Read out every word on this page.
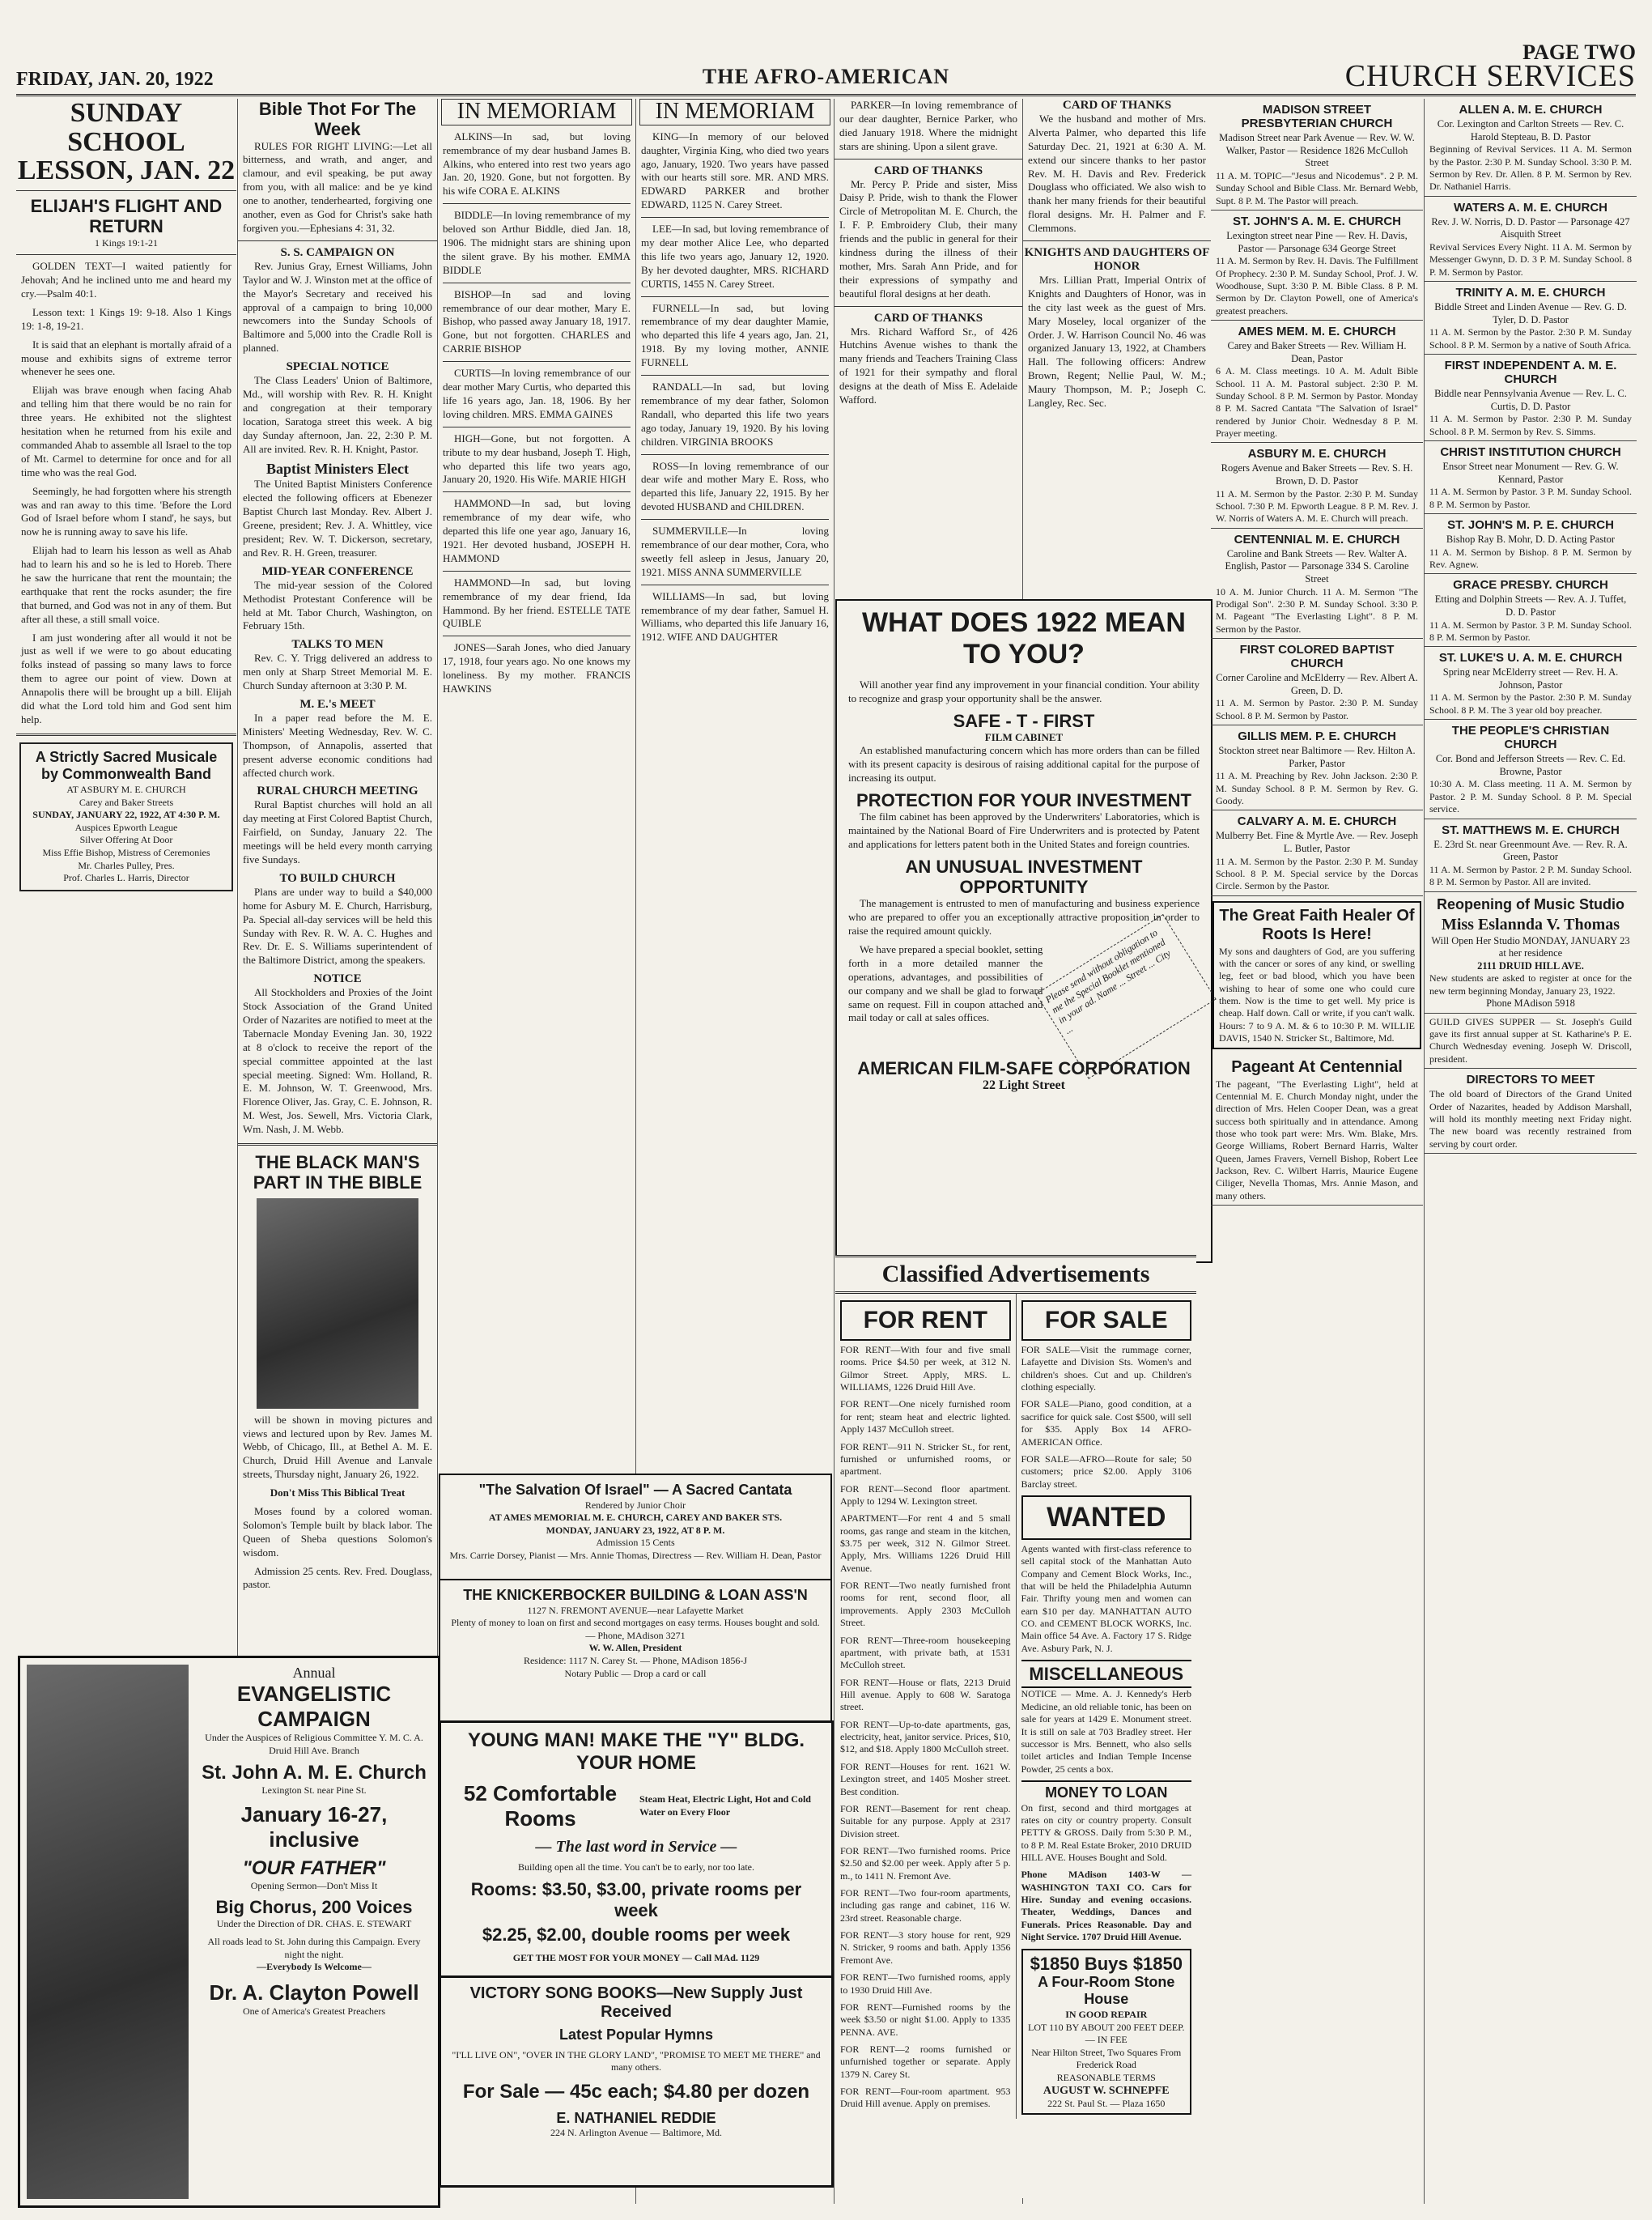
PAGE TWO
FRIDAY, JAN. 20, 1922	THE AFRO-AMERICAN	CHURCH SERVICES
SUNDAY SCHOOL LESSON, JAN. 22
ELIJAH'S FLIGHT AND RETURN
1 Kings 19:1-21

GOLDEN TEXT—I waited patiently for Jehovah; And he inclined unto me and heard my cry.—Psalm 40:1.

Lesson text: 1 Kings 19: 9-18. Also 1 Kings 19: 1-8, 19-21.

It is said that an elephant is mortally afraid of a mouse and exhibits signs of extreme terror whenever he sees one.

Elijah was brave enough when facing Ahab and telling him that there would be no rain for three years. He exhibited not the slightest hesitation when he returned from his exile and commanded Ahab to assemble all Israel to the top of Mt. Carmel to determine for once and for all time who was the real God.

Seemingly, he had forgotten where his strength was and ran away to this time. 'Before the Lord God of Israel before whom I stand', he says, but now he is running away to save his life.

Elijah had to learn his lesson as well as Ahab had to learn his and so he is led to Horeb. There he saw the hurricane that rent the mountain; the earthquake that rent the rocks asunder; the fire that burned, and God was not in any of them. But after all these, a still small voice.

I am just wondering after all would it not be just as well if we were to go about educating folks instead of passing so many laws to force them to agree our point of view. Down at Annapolis there will be brought up a bill. Elijah did what the Lord told him and God sent him help.

A Strictly Sacred Musicale by Commonwealth Band
AT ASBURY M. E. CHURCH
Carey and Baker Streets
SUNDAY, JANUARY 22, 1922, AT 4:30 P. M.
Auspices Epworth League
Silver Offering At Door
Miss Effie Bishop, Mistress of Ceremonies
Mr. Charles Pulley, Pres.
Prof. Charles L. Harris, Director
Bible Thot For The Week

RULES FOR RIGHT LIVING:—Let all bitterness, and wrath, and anger, and clamour, and evil speaking, be put away from you, with all malice: and be ye kind one to another, tenderhearted, forgiving one another, even as God for Christ's sake hath forgiven you.—Ephesians 4: 31, 32.

S. S. CAMPAIGN ON

Rev. Junius Gray, Ernest Williams, John Taylor and W. J. Winston met at the office of the Mayor's Secretary and received his approval of a campaign to bring 10,000 newcomers into the Sunday Schools of Baltimore and 5,000 into the Cradle Roll is planned.

SPECIAL NOTICE

The Class Leaders' Union of Baltimore, Md., will worship with Rev. R. H. Knight and congregation at their temporary location, Saratoga street this week. A big day Sunday afternoon, Jan. 22, 2:30 P. M. All are invited. Rev. R. H. Knight, Pastor.

Baptist Ministers Elect

The United Baptist Ministers Conference elected the following officers at Ebenezer Baptist Church last Monday. Rev. Albert J. Greene, president; Rev. J. A. Whittley, vice president; Rev. W. T. Dickerson, secretary, and Rev. R. H. Green, treasurer.

MID-YEAR CONFERENCE

The mid-year session of the Colored Methodist Protestant Conference will be held at Mt. Tabor Church, Washington, on February 15th.

TALKS TO MEN

Rev. C. Y. Trigg delivered an address to men only at Sharp Street Memorial M. E. Church Sunday afternoon at 3:30 P. M.

M. E.'s MEET

In a paper read before the M. E. Ministers' Meeting Wednesday, Rev. W. C. Thompson, of Annapolis, asserted that present adverse economic conditions had affected church work.

RURAL CHURCH MEETING

Rural Baptist churches will hold an all day meeting at First Colored Baptist Church, Fairfield, on Sunday, January 22. The meetings will be held every month carrying five Sundays.

TO BUILD CHURCH

Plans are under way to build a $40,000 home for Asbury M. E. Church, Harrisburg, Pa. Special all-day services will be held this Sunday with Rev. R. W. A. C. Hughes and Rev. Dr. E. S. Williams superintendent of the Baltimore District, among the speakers.

NOTICE

All Stockholders and Proxies of the Joint Stock Association of the Grand United Order of Nazarites are notified to meet at the Tabernacle Monday Evening Jan. 30, 1922 at 8 o'clock to receive the report of the special committee appointed at the last special meeting. Signed: Wm. Holland, R. E. M. Johnson, W. T. Greenwood, Mrs. Florence Oliver, Jas. Gray, C. E. Johnson, R. M. West, Jos. Sewell, Mrs. Victoria Clark, Wm. Nash, J. M. Webb.

THE BLACK MAN'S PART IN THE BIBLE

will be shown in moving pictures and views and lectured upon by Rev. James M. Webb, of Chicago, Ill., at Bethel A. M. E. Church, Druid Hill Avenue and Lanvale streets, Thursday night, January 26, 1922.

Don't Miss This Biblical Treat

Moses found by a colored woman. Solomon's Temple built by black labor. The Queen of Sheba questions Solomon's wisdom.

Admission 25 cents. Rev. Fred. Douglass, pastor.

IN MEMORIAM

ALKINS—In sad, but loving remembrance of my dear husband James B. Alkins, who entered into rest two years ago Jan. 20, 1920. Gone, but not forgotten. By his wife CORA E. ALKINS

BIDDLE—In loving remembrance of my beloved son Arthur Biddle, died Jan. 18, 1906. The midnight stars are shining upon the silent grave. By his mother. EMMA BIDDLE

BISHOP—In sad and loving remembrance of our dear mother, Mary E. Bishop, who passed away January 18, 1917. Gone, but not forgotten. CHARLES and CARRIE BISHOP

CURTIS—In loving remembrance of our dear mother Mary Curtis, who departed this life 16 years ago, Jan. 18, 1906. By her loving children. MRS. EMMA GAINES

HIGH—Gone, but not forgotten. A tribute to my dear husband, Joseph T. High, who departed this life two years ago, January 20, 1920. His Wife. MARIE HIGH

HAMMOND—In sad, but loving remembrance of my dear wife, who departed this life one year ago, January 16, 1921. Her devoted husband, JOSEPH H. HAMMOND

HAMMOND—In sad, but loving remembrance of my dear friend, Ida Hammond. By her friend. ESTELLE TATE QUIBLE

JONES—Sarah Jones, who died January 17, 1918, four years ago. No one knows my loneliness. By my mother. FRANCIS HAWKINS

IN MEMORIAM

KING—In memory of our beloved daughter, Virginia King, who died two years ago, January, 1920. Two years have passed with our hearts still sore. MR. AND MRS. EDWARD PARKER and brother EDWARD, 1125 N. Carey Street.

LEE—In sad, but loving remembrance of my dear mother Alice Lee, who departed this life two years ago, January 12, 1920. By her devoted daughter, MRS. RICHARD CURTIS, 1455 N. Carey Street.

FURNELL—In sad, but loving remembrance of my dear daughter Mamie, who departed this life 4 years ago, Jan. 21, 1918. By my loving mother, ANNIE FURNELL

RANDALL—In sad, but loving remembrance of my dear father, Solomon Randall, who departed this life two years ago today, January 19, 1920. By his loving children. VIRGINIA BROOKS

ROSS—In loving remembrance of our dear wife and mother Mary E. Ross, who departed this life, January 22, 1915. By her devoted HUSBAND and CHILDREN.

SUMMERVILLE—In loving remembrance of our dear mother, Cora, who sweetly fell asleep in Jesus, January 20, 1921. MISS ANNA SUMMERVILLE

WILLIAMS—In sad, but loving remembrance of my dear father, Samuel H. Williams, who departed this life January 16, 1912. WIFE AND DAUGHTER

PARKER—In loving remembrance of our dear daughter, Bernice Parker, who died January 1918. Where the midnight stars are shining. Upon a silent grave.

CARD OF THANKS

Mr. Percy P. Pride and sister, Miss Daisy P. Pride, wish to thank the Flower Circle of Metropolitan M. E. Church, the I. F. P. Embroidery Club, their many friends and the public in general for their kindness during the illness of their mother, Mrs. Sarah Ann Pride, and for their expressions of sympathy and beautiful floral designs at her death.

CARD OF THANKS

Mrs. Richard Wafford Sr., of 426 Hutchins Avenue wishes to thank the many friends and Teachers Training Class of 1921 for their sympathy and floral designs at the death of Miss E. Adelaide Wafford.

CARD OF THANKS

We the husband and mother of Mrs. Alverta Palmer, who departed this life Saturday Dec. 21, 1921 at 6:30 A. M. extend our sincere thanks to her pastor Rev. M. H. Davis and Rev. Frederick Douglass who officiated. We also wish to thank her many friends for their beautiful floral designs. Mr. H. Palmer and F. Clemmons.

KNIGHTS AND DAUGHTERS OF HONOR

Mrs. Lillian Pratt, Imperial Ontrix of Knights and Daughters of Honor, was in the city last week as the guest of Mrs. Mary Moseley, local organizer of the Order. J. W. Harrison Council No. 46 was organized January 13, 1922, at Chambers Hall. The following officers: Andrew Brown, Regent; Nellie Paul, W. M.; Maury Thompson, M. P.; Joseph C. Langley, Rec. Sec.

WHAT DOES 1922 MEAN TO YOU?

Will another year find any improvement in your financial condition. Your ability to recognize and grasp your opportunity shall be the answer.

SAFE - T - FIRST
FILM CABINET

An established manufacturing concern which has more orders than can be filled with its present capacity is desirous of raising additional capital for the purpose of increasing its output.

PROTECTION FOR YOUR INVESTMENT

The film cabinet has been approved by the Underwriters' Laboratories, which is maintained by the National Board of Fire Underwriters and is protected by Patent and applications for letters patent both in the United States and foreign countries.

AN UNUSUAL INVESTMENT OPPORTUNITY

The management is entrusted to men of manufacturing and business experience who are prepared to offer you an exceptionally attractive proposition in order to raise the required amount quickly.

We have prepared a special booklet, setting forth in a more detailed manner the operations, advantages, and possibilities of our company and we shall be glad to forward same on request. Fill in coupon attached and mail today or call at sales offices.

Please send without obligation to me the Special Booklet mentioned in your ad. Name ... Street ... City ...
AMERICAN FILM-SAFE CORPORATION
22 Light Street
Classified Advertisements
FOR RENT
FOR RENT—With four and five small rooms. Price $4.50 per week, at 312 N. Gilmor Street. Apply, MRS. L. WILLIAMS, 1226 Druid Hill Ave.
FOR RENT—One nicely furnished room for rent; steam heat and electric lighted. Apply 1437 McCulloh street.
FOR RENT—911 N. Stricker St., for rent, furnished or unfurnished rooms, or apartment.
FOR RENT—Second floor apartment. Apply to 1294 W. Lexington street.
APARTMENT—For rent 4 and 5 small rooms, gas range and steam in the kitchen, $3.75 per week, 312 N. Gilmor Street. Apply, Mrs. Williams 1226 Druid Hill Avenue.
FOR RENT—Two neatly furnished front rooms for rent, second floor, all improvements. Apply 2303 McCulloh Street.
FOR RENT—Three-room housekeeping apartment, with private bath, at 1531 McCulloh street.
FOR RENT—House or flats, 2213 Druid Hill avenue. Apply to 608 W. Saratoga street.
FOR RENT—Up-to-date apartments, gas, electricity, heat, janitor service. Prices, $10, $12, and $18. Apply 1800 McCulloh street.
FOR RENT—Houses for rent. 1621 W. Lexington street, and 1405 Mosher street. Best condition.
FOR RENT—Basement for rent cheap. Suitable for any purpose. Apply at 2317 Division street.
FOR RENT—Two furnished rooms. Price $2.50 and $2.00 per week. Apply after 5 p. m., to 1411 N. Fremont Ave.
FOR RENT—Two four-room apartments, including gas range and cabinet, 116 W. 23rd street. Reasonable charge.
FOR RENT—3 story house for rent, 929 N. Stricker, 9 rooms and bath. Apply 1356 Fremont Ave.
FOR RENT—Two furnished rooms, apply to 1930 Druid Hill Ave.
FOR RENT—Furnished rooms by the week $3.50 or night $1.00. Apply to 1335 PENNA. AVE.
FOR RENT—2 rooms furnished or unfurnished together or separate. Apply 1379 N. Carey St.
FOR RENT—Four-room apartment. 953 Druid Hill avenue. Apply on premises.
FOR SALE
FOR SALE—Visit the rummage corner, Lafayette and Division Sts. Women's and children's shoes. Cut and up. Children's clothing especially.
FOR SALE—Piano, good condition, at a sacrifice for quick sale. Cost $500, will sell for $35. Apply Box 14 AFRO-AMERICAN Office.
FOR SALE—AFRO—Route for sale; 50 customers; price $2.00. Apply 3106 Barclay street.
WANTED
Agents wanted with first-class reference to sell capital stock of the Manhattan Auto Company and Cement Block Works, Inc., that will be held the Philadelphia Autumn Fair. Thrifty young men and women can earn $10 per day. MANHATTAN AUTO CO. and CEMENT BLOCK WORKS, Inc. Main office 54 Ave. A. Factory 17 S. Ridge Ave. Asbury Park, N. J.
MISCELLANEOUS
NOTICE — Mme. A. J. Kennedy's Herb Medicine, an old reliable tonic, has been on sale for years at 1429 E. Monument street. It is still on sale at 703 Bradley street. Her successor is Mrs. Bennett, who also sells toilet articles and Indian Temple Incense Powder, 25 cents a box.
MONEY TO LOAN
On first, second and third mortgages at rates on city or country property. Consult PETTY & GROSS. Daily from 5:30 P. M., to 8 P. M. Real Estate Broker, 2010 DRUID HILL AVE. Houses Bought and Sold.
Phone MAdison 1403-W — WASHINGTON TAXI CO. Cars for Hire. Sunday and evening occasions. Theater, Weddings, Dances and Funerals. Prices Reasonable. Day and Night Service. 1707 Druid Hill Avenue.
$1850 Buys $1850
A Four-Room Stone House
IN GOOD REPAIR
LOT 110 BY ABOUT 200 FEET DEEP. — IN FEE
Near Hilton Street, Two Squares From Frederick Road
REASONABLE TERMS
AUGUST W. SCHNEPFE
222 St. Paul St. — Plaza 1650
"The Salvation Of Israel" — A Sacred Cantata
Rendered by Junior Choir
AT AMES MEMORIAL M. E. CHURCH, CAREY AND BAKER STS.
MONDAY, JANUARY 23, 1922, AT 8 P. M.
Admission 15 Cents
Mrs. Carrie Dorsey, Pianist — Mrs. Annie Thomas, Directress — Rev. William H. Dean, Pastor
THE KNICKERBOCKER BUILDING & LOAN ASS'N
1127 N. FREMONT AVENUE—near Lafayette Market
Plenty of money to loan on first and second mortgages on easy terms. Houses bought and sold. — Phone, MAdison 3271
W. W. Allen, President
Residence: 1117 N. Carey St. — Phone, MAdison 1856-J
Notary Public — Drop a card or call
YOUNG MAN! MAKE THE "Y" BLDG. YOUR HOME
52 Comfortable Rooms
Steam Heat, Electric Light, Hot and Cold Water on Every Floor
— The last word in Service —
Building open all the time. You can't be to early, nor too late.
Rooms: $3.50, $3.00, private rooms per week
$2.25, $2.00, double rooms per week
GET THE MOST FOR YOUR MONEY — Call MAd. 1129
VICTORY SONG BOOKS—New Supply Just Received
Latest Popular Hymns
"I'LL LIVE ON", "OVER IN THE GLORY LAND", "PROMISE TO MEET ME THERE" and many others.
For Sale — 45c each; $4.80 per dozen
E. NATHANIEL REDDIE
224 N. Arlington Avenue — Baltimore, Md.
Annual
EVANGELISTIC CAMPAIGN
Under the Auspices of Religious Committee Y. M. C. A.
Druid Hill Ave. Branch
St. John A. M. E. Church
Lexington St. near Pine St.
January 16-27, inclusive
"OUR FATHER"
Opening Sermon—Don't Miss It
Big Chorus, 200 Voices
Under the Direction of DR. CHAS. E. STEWART
All roads lead to St. John during this Campaign. Every night the night.
—Everybody Is Welcome—
Dr. A. Clayton Powell
One of America's Greatest Preachers
MADISON STREET PRESBYTERIAN CHURCH
Madison Street near Park Avenue — Rev. W. W. Walker, Pastor — Residence 1826 McCulloh Street
11 A. M. TOPIC—"Jesus and Nicodemus". 2 P. M. Sunday School and Bible Class. Mr. Bernard Webb, Supt. 8 P. M. The Pastor will preach.
ST. JOHN'S A. M. E. CHURCH
Lexington street near Pine — Rev. H. Davis, Pastor — Parsonage 634 George Street
11 A. M. Sermon by Rev. H. Davis. The Fulfillment Of Prophecy. 2:30 P. M. Sunday School, Prof. J. W. Woodhouse, Supt. 3:30 P. M. Bible Class. 8 P. M. Sermon by Dr. Clayton Powell, one of America's greatest preachers.
AMES MEM. M. E. CHURCH
Carey and Baker Streets — Rev. William H. Dean, Pastor
6 A. M. Class meetings. 10 A. M. Adult Bible School. 11 A. M. Pastoral subject. 2:30 P. M. Sunday School. 8 P. M. Sermon by Pastor. Monday 8 P. M. Sacred Cantata "The Salvation of Israel" rendered by Junior Choir. Wednesday 8 P. M. Prayer meeting.
ASBURY M. E. CHURCH
Rogers Avenue and Baker Streets — Rev. S. H. Brown, D. D. Pastor
11 A. M. Sermon by the Pastor. 2:30 P. M. Sunday School. 7:30 P. M. Epworth League. 8 P. M. Rev. J. W. Norris of Waters A. M. E. Church will preach.
CENTENNIAL M. E. CHURCH
Caroline and Bank Streets — Rev. Walter A. English, Pastor — Parsonage 334 S. Caroline Street
10 A. M. Junior Church. 11 A. M. Sermon "The Prodigal Son". 2:30 P. M. Sunday School. 3:30 P. M. Pageant "The Everlasting Light". 8 P. M. Sermon by the Pastor.
FIRST COLORED BAPTIST CHURCH
Corner Caroline and McElderry — Rev. Albert A. Green, D. D.
11 A. M. Sermon by Pastor. 2:30 P. M. Sunday School. 8 P. M. Sermon by Pastor.
GILLIS MEM. P. E. CHURCH
Stockton street near Baltimore — Rev. Hilton A. Parker, Pastor
11 A. M. Preaching by Rev. John Jackson. 2:30 P. M. Sunday School. 8 P. M. Sermon by Rev. G. Goody.
CALVARY A. M. E. CHURCH
Mulberry Bet. Fine & Myrtle Ave. — Rev. Joseph L. Butler, Pastor
11 A. M. Sermon by the Pastor. 2:30 P. M. Sunday School. 8 P. M. Special service by the Dorcas Circle. Sermon by the Pastor.
The Great Faith Healer Of Roots Is Here!
My sons and daughters of God, are you suffering with the cancer or sores of any kind, or swelling leg, feet or bad blood, which you have been wishing to hear of some one who could cure them. Now is the time to get well. My price is cheap. Half down. Call or write, if you can't walk. Hours: 7 to 9 A. M. & 6 to 10:30 P. M. WILLIE DAVIS, 1540 N. Stricker St., Baltimore, Md.
Pageant At Centennial
The pageant, "The Everlasting Light", held at Centennial M. E. Church Monday night, under the direction of Mrs. Helen Cooper Dean, was a great success both spiritually and in attendance. Among those who took part were: Mrs. Wm. Blake, Mrs. George Williams, Robert Bernard Harris, Walter Queen, James Fravers, Vernell Bishop, Robert Lee Jackson, Rev. C. Wilbert Harris, Maurice Eugene Ciliger, Nevella Thomas, Mrs. Annie Mason, and many others.
ALLEN A. M. E. CHURCH
Cor. Lexington and Carlton Streets — Rev. C. Harold Stepteau, B. D. Pastor
Beginning of Revival Services. 11 A. M. Sermon by the Pastor. 2:30 P. M. Sunday School. 3:30 P. M. Sermon by Rev. Dr. Allen. 8 P. M. Sermon by Rev. Dr. Nathaniel Harris.
WATERS A. M. E. CHURCH
Rev. J. W. Norris, D. D. Pastor — Parsonage 427 Aisquith Street
Revival Services Every Night. 11 A. M. Sermon by Messenger Gwynn, D. D. 3 P. M. Sunday School. 8 P. M. Sermon by Pastor.
TRINITY A. M. E. CHURCH
Biddle Street and Linden Avenue — Rev. G. D. Tyler, D. D. Pastor
11 A. M. Sermon by the Pastor. 2:30 P. M. Sunday School. 8 P. M. Sermon by a native of South Africa.
FIRST INDEPENDENT A. M. E. CHURCH
Biddle near Pennsylvania Avenue — Rev. L. C. Curtis, D. D. Pastor
11 A. M. Sermon by Pastor. 2:30 P. M. Sunday School. 8 P. M. Sermon by Rev. S. Simms.
CHRIST INSTITUTION CHURCH
Ensor Street near Monument — Rev. G. W. Kennard, Pastor
11 A. M. Sermon by Pastor. 3 P. M. Sunday School. 8 P. M. Sermon by Pastor.
ST. JOHN'S M. P. E. CHURCH
Bishop Ray B. Mohr, D. D. Acting Pastor
11 A. M. Sermon by Bishop. 8 P. M. Sermon by Rev. Agnew.
GRACE PRESBY. CHURCH
Etting and Dolphin Streets — Rev. A. J. Tuffet, D. D. Pastor
11 A. M. Sermon by Pastor. 3 P. M. Sunday School. 8 P. M. Sermon by Pastor.
ST. LUKE'S U. A. M. E. CHURCH
Spring near McElderry street — Rev. H. A. Johnson, Pastor
11 A. M. Sermon by the Pastor. 2:30 P. M. Sunday School. 8 P. M. The 3 year old boy preacher.
THE PEOPLE'S CHRISTIAN CHURCH
Cor. Bond and Jefferson Streets — Rev. C. Ed. Browne, Pastor
10:30 A. M. Class meeting. 11 A. M. Sermon by Pastor. 2 P. M. Sunday School. 8 P. M. Special service.
ST. MATTHEWS M. E. CHURCH
E. 23rd St. near Greenmount Ave. — Rev. R. A. Green, Pastor
11 A. M. Sermon by Pastor. 2 P. M. Sunday School. 8 P. M. Sermon by Pastor. All are invited.
Reopening of Music Studio
Miss Eslannda V. Thomas
Will Open Her Studio MONDAY, JANUARY 23 at her residence
2111 DRUID HILL AVE.
New students are asked to register at once for the new term beginning Monday, January 23, 1922.
Phone MAdison 5918
GUILD GIVES SUPPER — St. Joseph's Guild gave its first annual supper at St. Katharine's P. E. Church Wednesday evening. Joseph W. Driscoll, president.
DIRECTORS TO MEET
The old board of Directors of the Grand United Order of Nazarites, headed by Addison Marshall, will hold its monthly meeting next Friday night. The new board was recently restrained from serving by court order.
